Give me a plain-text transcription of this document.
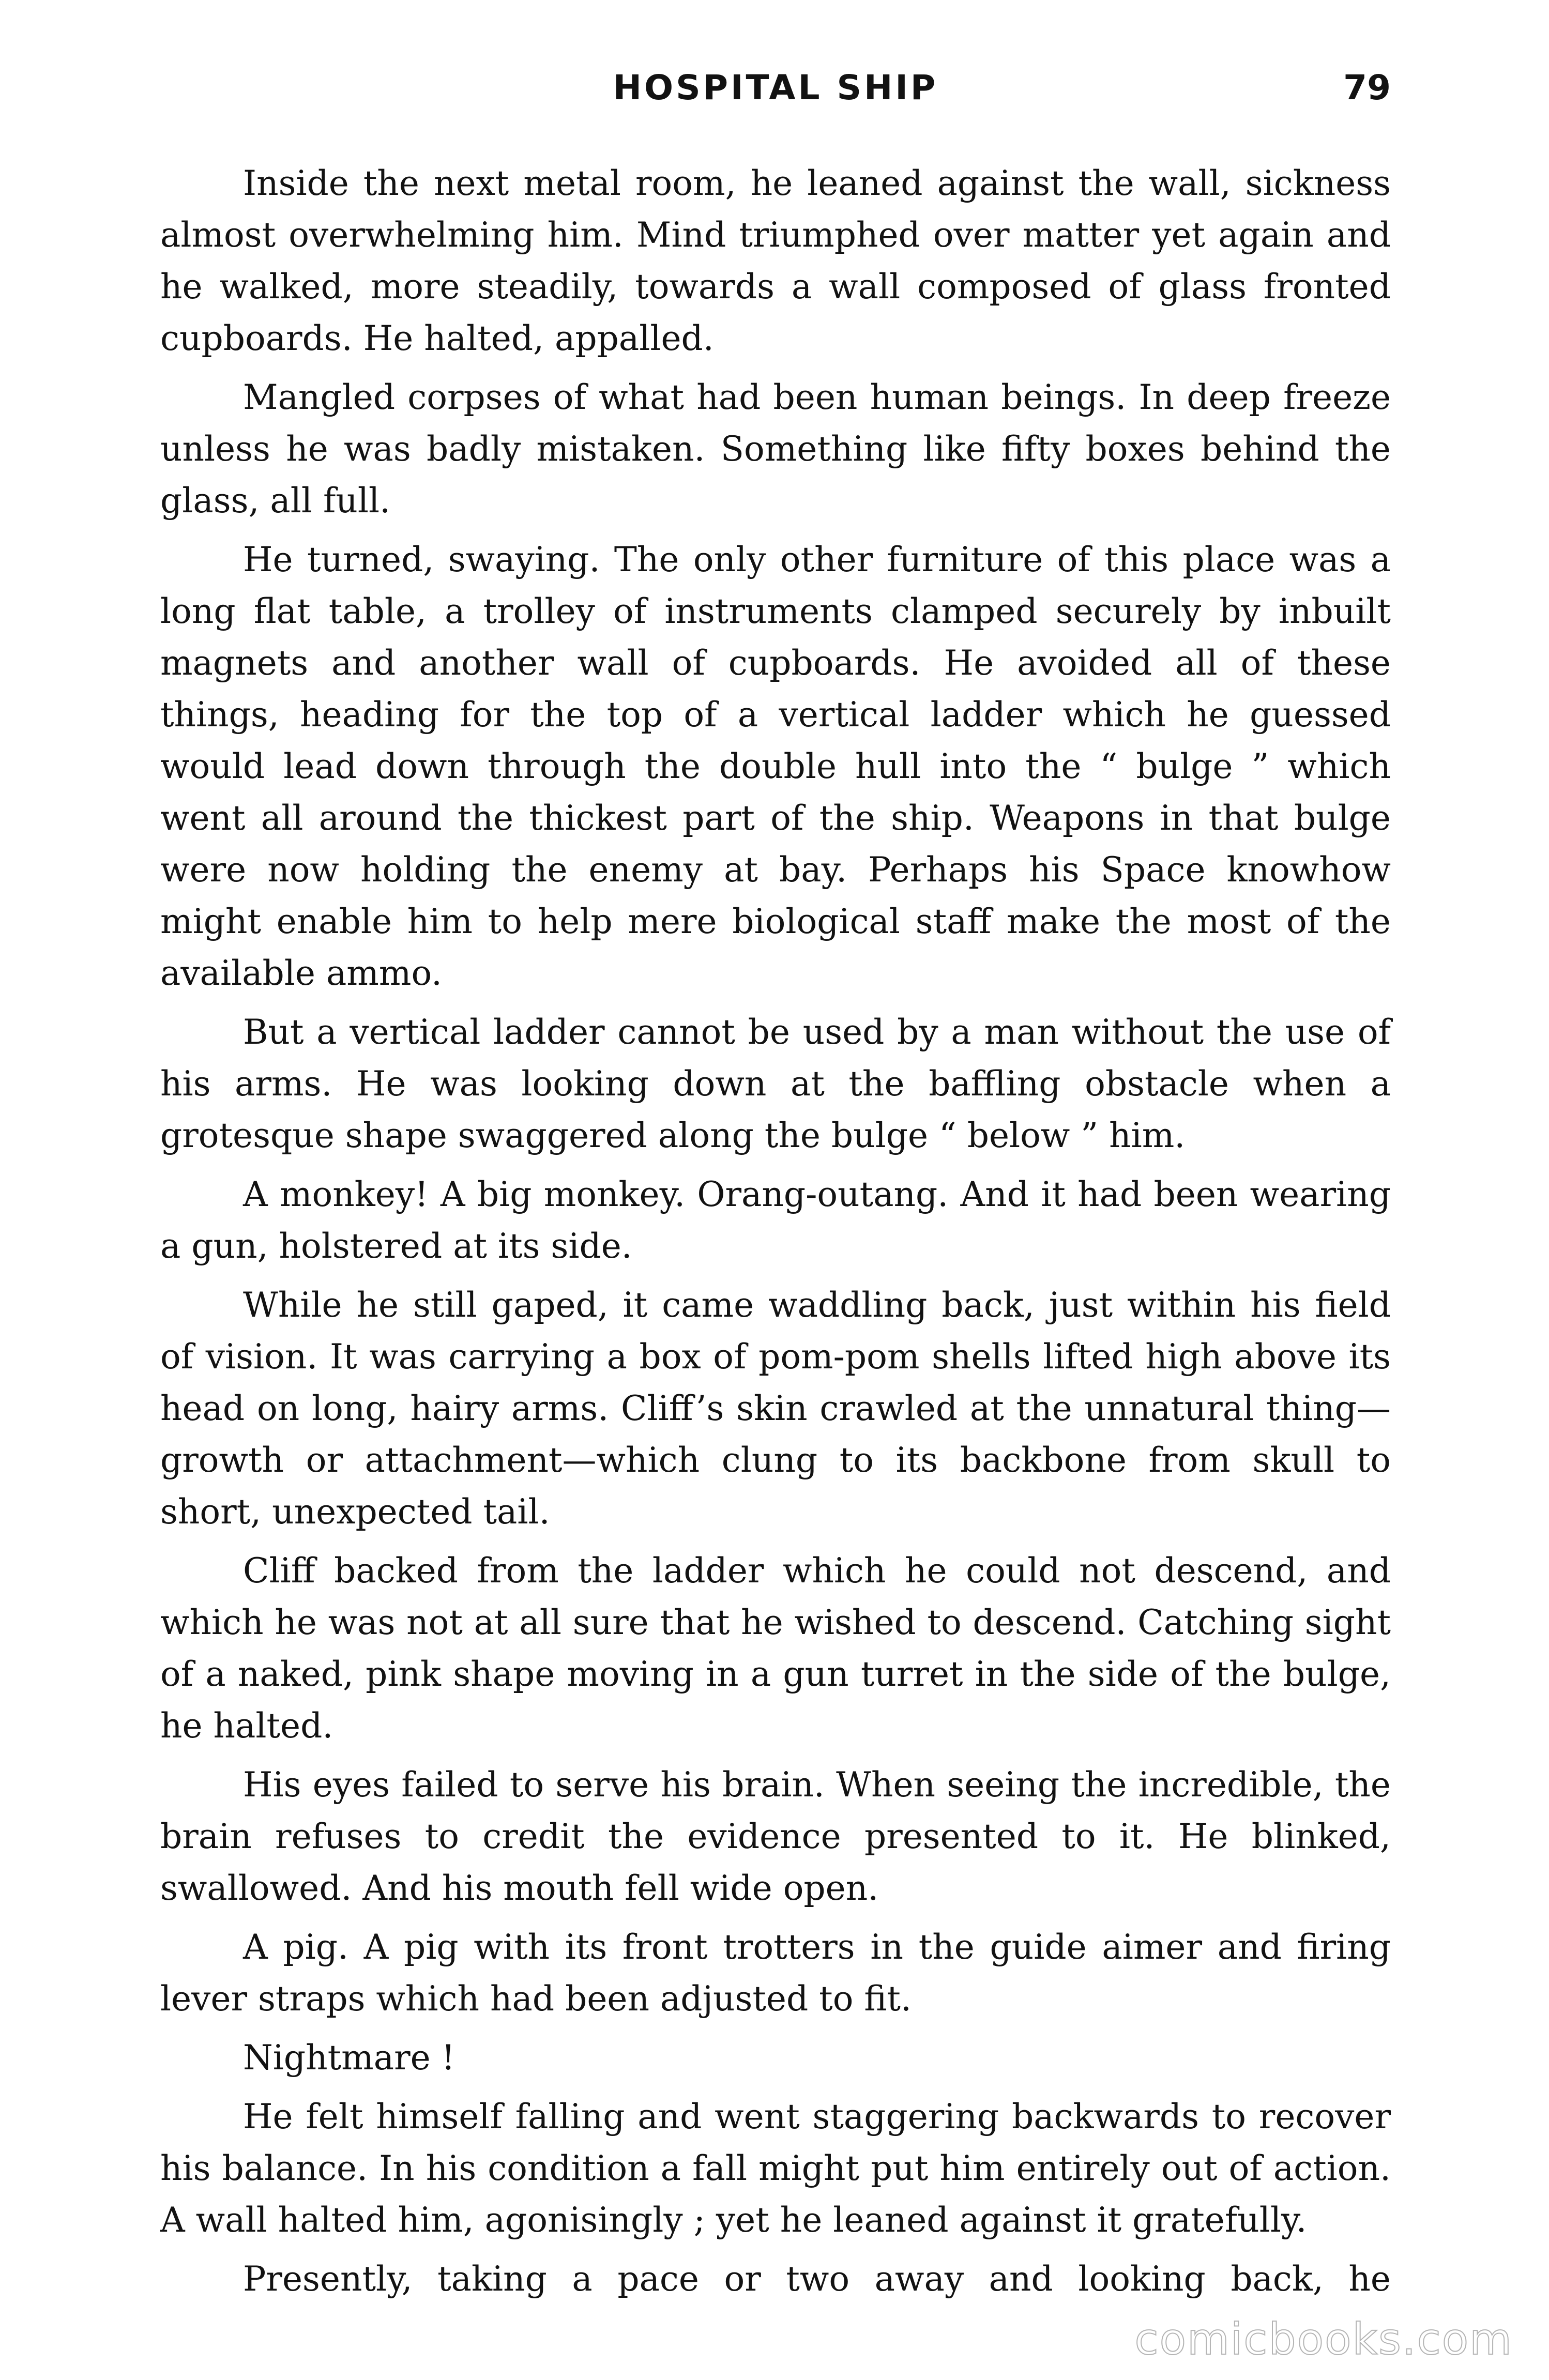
HOSPITAL SHIP	79

Inside the next metal room, he leaned against the wall, sickness almost overwhelming him. Mind triumphed over matter yet again and he walked, more steadily, towards a wall composed of glass fronted cupboards. He halted, appalled.

Mangled corpses of what had been human beings. In deep freeze unless he was badly mistaken. Something like fifty boxes behind the glass, all full.

He turned, swaying. The only other furniture of this place was a long flat table, a trolley of instruments clamped securely by inbuilt magnets and another wall of cupboards. He avoided all of these things, heading for the top of a vertical ladder which he guessed would lead down through the double hull into the “ bulge ” which went all around the thickest part of the ship. Weapons in that bulge were now holding the enemy at bay. Perhaps his Space knowhow might enable him to help mere biological staff make the most of the available ammo.

But a vertical ladder cannot be used by a man without the use of his arms. He was looking down at the baffling obstacle when a grotesque shape swaggered along the bulge “ below ” him.

A monkey! A big monkey. Orang-outang. And it had been wearing a gun, holstered at its side.

While he still gaped, it came waddling back, just within his field of vision. It was carrying a box of pom-pom shells lifted high above its head on long, hairy arms. Cliff’s skin crawled at the unnatural thing—growth or attachment—which clung to its backbone from skull to short, unexpected tail.

Cliff backed from the ladder which he could not descend, and which he was not at all sure that he wished to descend. Catching sight of a naked, pink shape moving in a gun turret in the side of the bulge, he halted.

His eyes failed to serve his brain. When seeing the incredible, the brain refuses to credit the evidence presented to it. He blinked, swallowed. And his mouth fell wide open.

A pig. A pig with its front trotters in the guide aimer and firing lever straps which had been adjusted to fit.

Nightmare !

He felt himself falling and went staggering backwards to recover his balance. In his condition a fall might put him entirely out of action. A wall halted him, agonisingly ; yet he leaned against it gratefully.

Presently, taking a pace or two away and looking back, he

comicbooks.com
